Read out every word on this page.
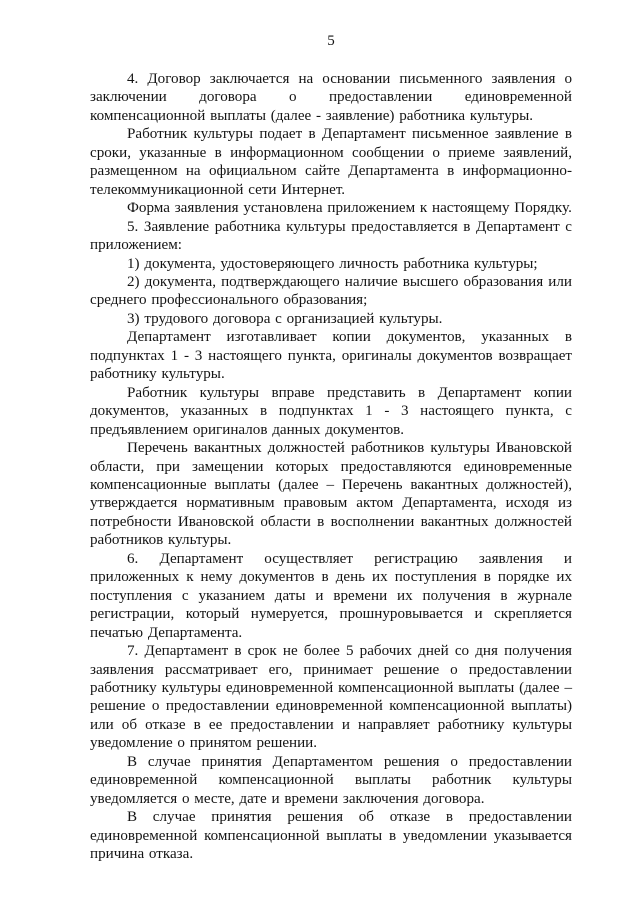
5

4. Договор заключается на основании письменного заявления о заключении договора о предоставлении единовременной компенсационной выплаты (далее - заявление) работника культуры.

Работник культуры подает в Департамент письменное заявление в сроки, указанные в информационном сообщении о приеме заявлений, размещенном на официальном сайте Департамента в информационно-телекоммуникационной сети Интернет.

Форма заявления установлена приложением к настоящему Порядку.

5. Заявление работника культуры предоставляется в Департамент с приложением:

1) документа, удостоверяющего личность работника культуры;

2) документа, подтверждающего наличие высшего образования или среднего профессионального образования;

3) трудового договора с организацией культуры.

Департамент изготавливает копии документов, указанных в подпунктах 1 - 3 настоящего пункта, оригиналы документов возвращает работнику культуры.

Работник культуры вправе представить в Департамент копии документов, указанных в подпунктах 1 - 3 настоящего пункта, с предъявлением оригиналов данных документов.

Перечень вакантных должностей работников культуры Ивановской области, при замещении которых предоставляются единовременные компенсационные выплаты (далее – Перечень вакантных должностей), утверждается нормативным правовым актом Департамента, исходя из потребности Ивановской области в восполнении вакантных должностей работников культуры.

6. Департамент осуществляет регистрацию заявления и приложенных к нему документов в день их поступления в порядке их поступления с указанием даты и времени их получения в журнале регистрации, который нумеруется, прошнуровывается и скрепляется печатью Департамента.

7. Департамент в срок не более 5 рабочих дней со дня получения заявления рассматривает его, принимает решение о предоставлении работнику культуры единовременной компенсационной выплаты (далее – решение о предоставлении единовременной компенсационной выплаты) или об отказе в ее предоставлении и направляет работнику культуры уведомление о принятом решении.

В случае принятия Департаментом решения о предоставлении единовременной компенсационной выплаты работник культуры уведомляется о месте, дате и времени заключения договора.

В случае принятия решения об отказе в предоставлении единовременной компенсационной выплаты в уведомлении указывается причина отказа.
